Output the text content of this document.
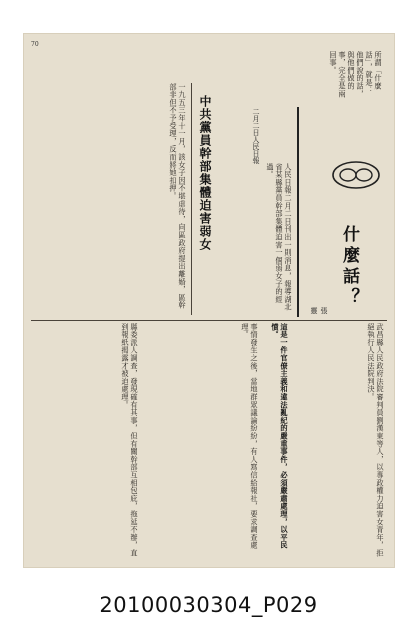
70
什麼話？
張靈
武昌縣人民政府法院審判員劉漢東等人，以專政權力迫害女青年，拒絕執行人民法院判決。
這是一件官僚主義和違法亂紀的嚴重事件，必須嚴肅處理，以平民憤。
中共黨員幹部集體迫害弱女	二月二日人民日報
人民日報二月二日刊出一則消息，報導湖北省某縣黨員幹部集體迫害一個弱女子的經過。
一九五三年十一月，該女子因不堪虐待，向區政府提出離婚，區幹部非但不予受理，反而將她扣押。
事情發生之後，當地群眾議論紛紛，有人寫信給報社，要求調查處理。
縣委派人調查，發現確有其事，但有關幹部互相包庇，拖延不辦，直到報紙揭露才被迫處理。
所謂「什麼話」，就是：他們說的話，與他們做的事，完全是兩回事。
20100030304_P029
